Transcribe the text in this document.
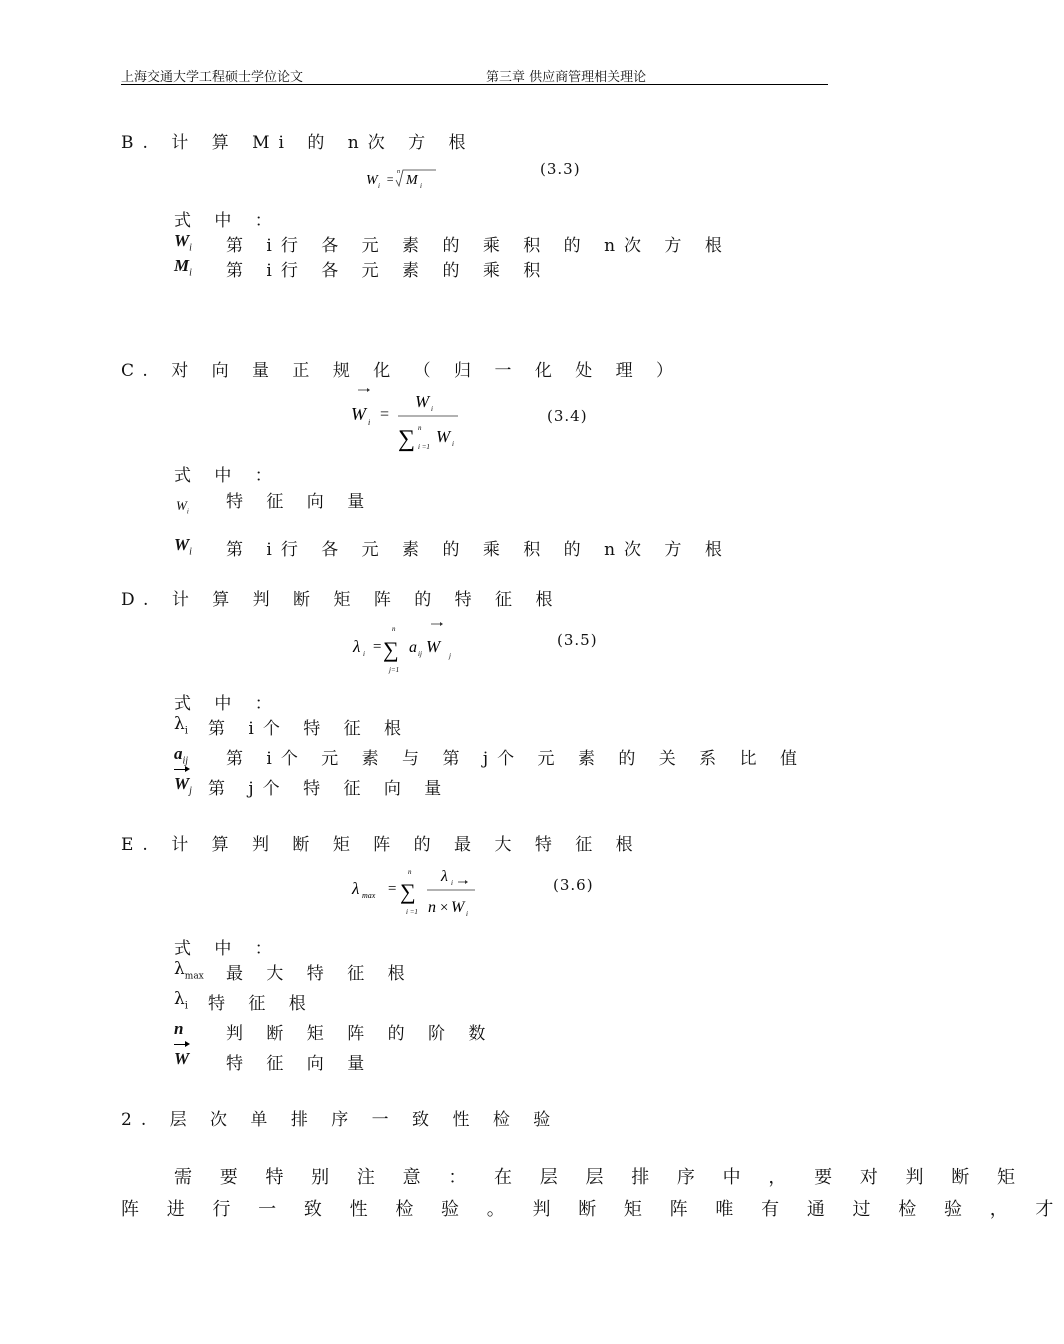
上海交通大学工程硕士学位论文	第三章 供应商管理相关理论
B. 计 算 Mi 的 n次 方 根
W i = n
M i
(3.3)
式 中 ：
$W_i$ 第 i行 各 元 素 的 乘 积 的 n次 方 根
$M_i$ 第 i行 各 元 素 的 乘 积
C. 对 向 量 正 规 化 （ 归 一 化 处 理 ）
W i =
W i
∑ n
i =1
W i
(3.4)
式 中 ：
特 征 向 量
$W_i$
$W_i$ 第 i行 各 元 素 的 乘 积 的 n次 方 根
D. 计 算 判 断 矩 阵 的 特 征 根
λ i = ∑
n
j=1
a ij W j
(3.5)
式 中 ：
$\lambda_i$ 第 i个 特 征 根
$a_{ij}$ 第 i个 元 素 与 第 j个 元 素 的 关 系 比 值
$W_j$ 第 j个 特 征 向 量
E. 计 算 判 断 矩 阵 的 最 大 特 征 根
λ max = ∑
n
i =1
λ i
n × W i
(3.6)
式 中 ：
$\lambda_{max}$ 最 大 特 征 根
$\lambda_i$ 特 征 根
n	判 断 矩 阵 的 阶 数
W 特 征 向 量
2. 层 次 单 排 序 一 致 性 检 验
需 要 特 别 注 意 ： 在 层 层 排 序 中 ， 要 对 判 断 矩
阵 进 行 一 致 性 检 验 。 判 断 矩 阵 唯 有 通 过 检 验 ， 才
